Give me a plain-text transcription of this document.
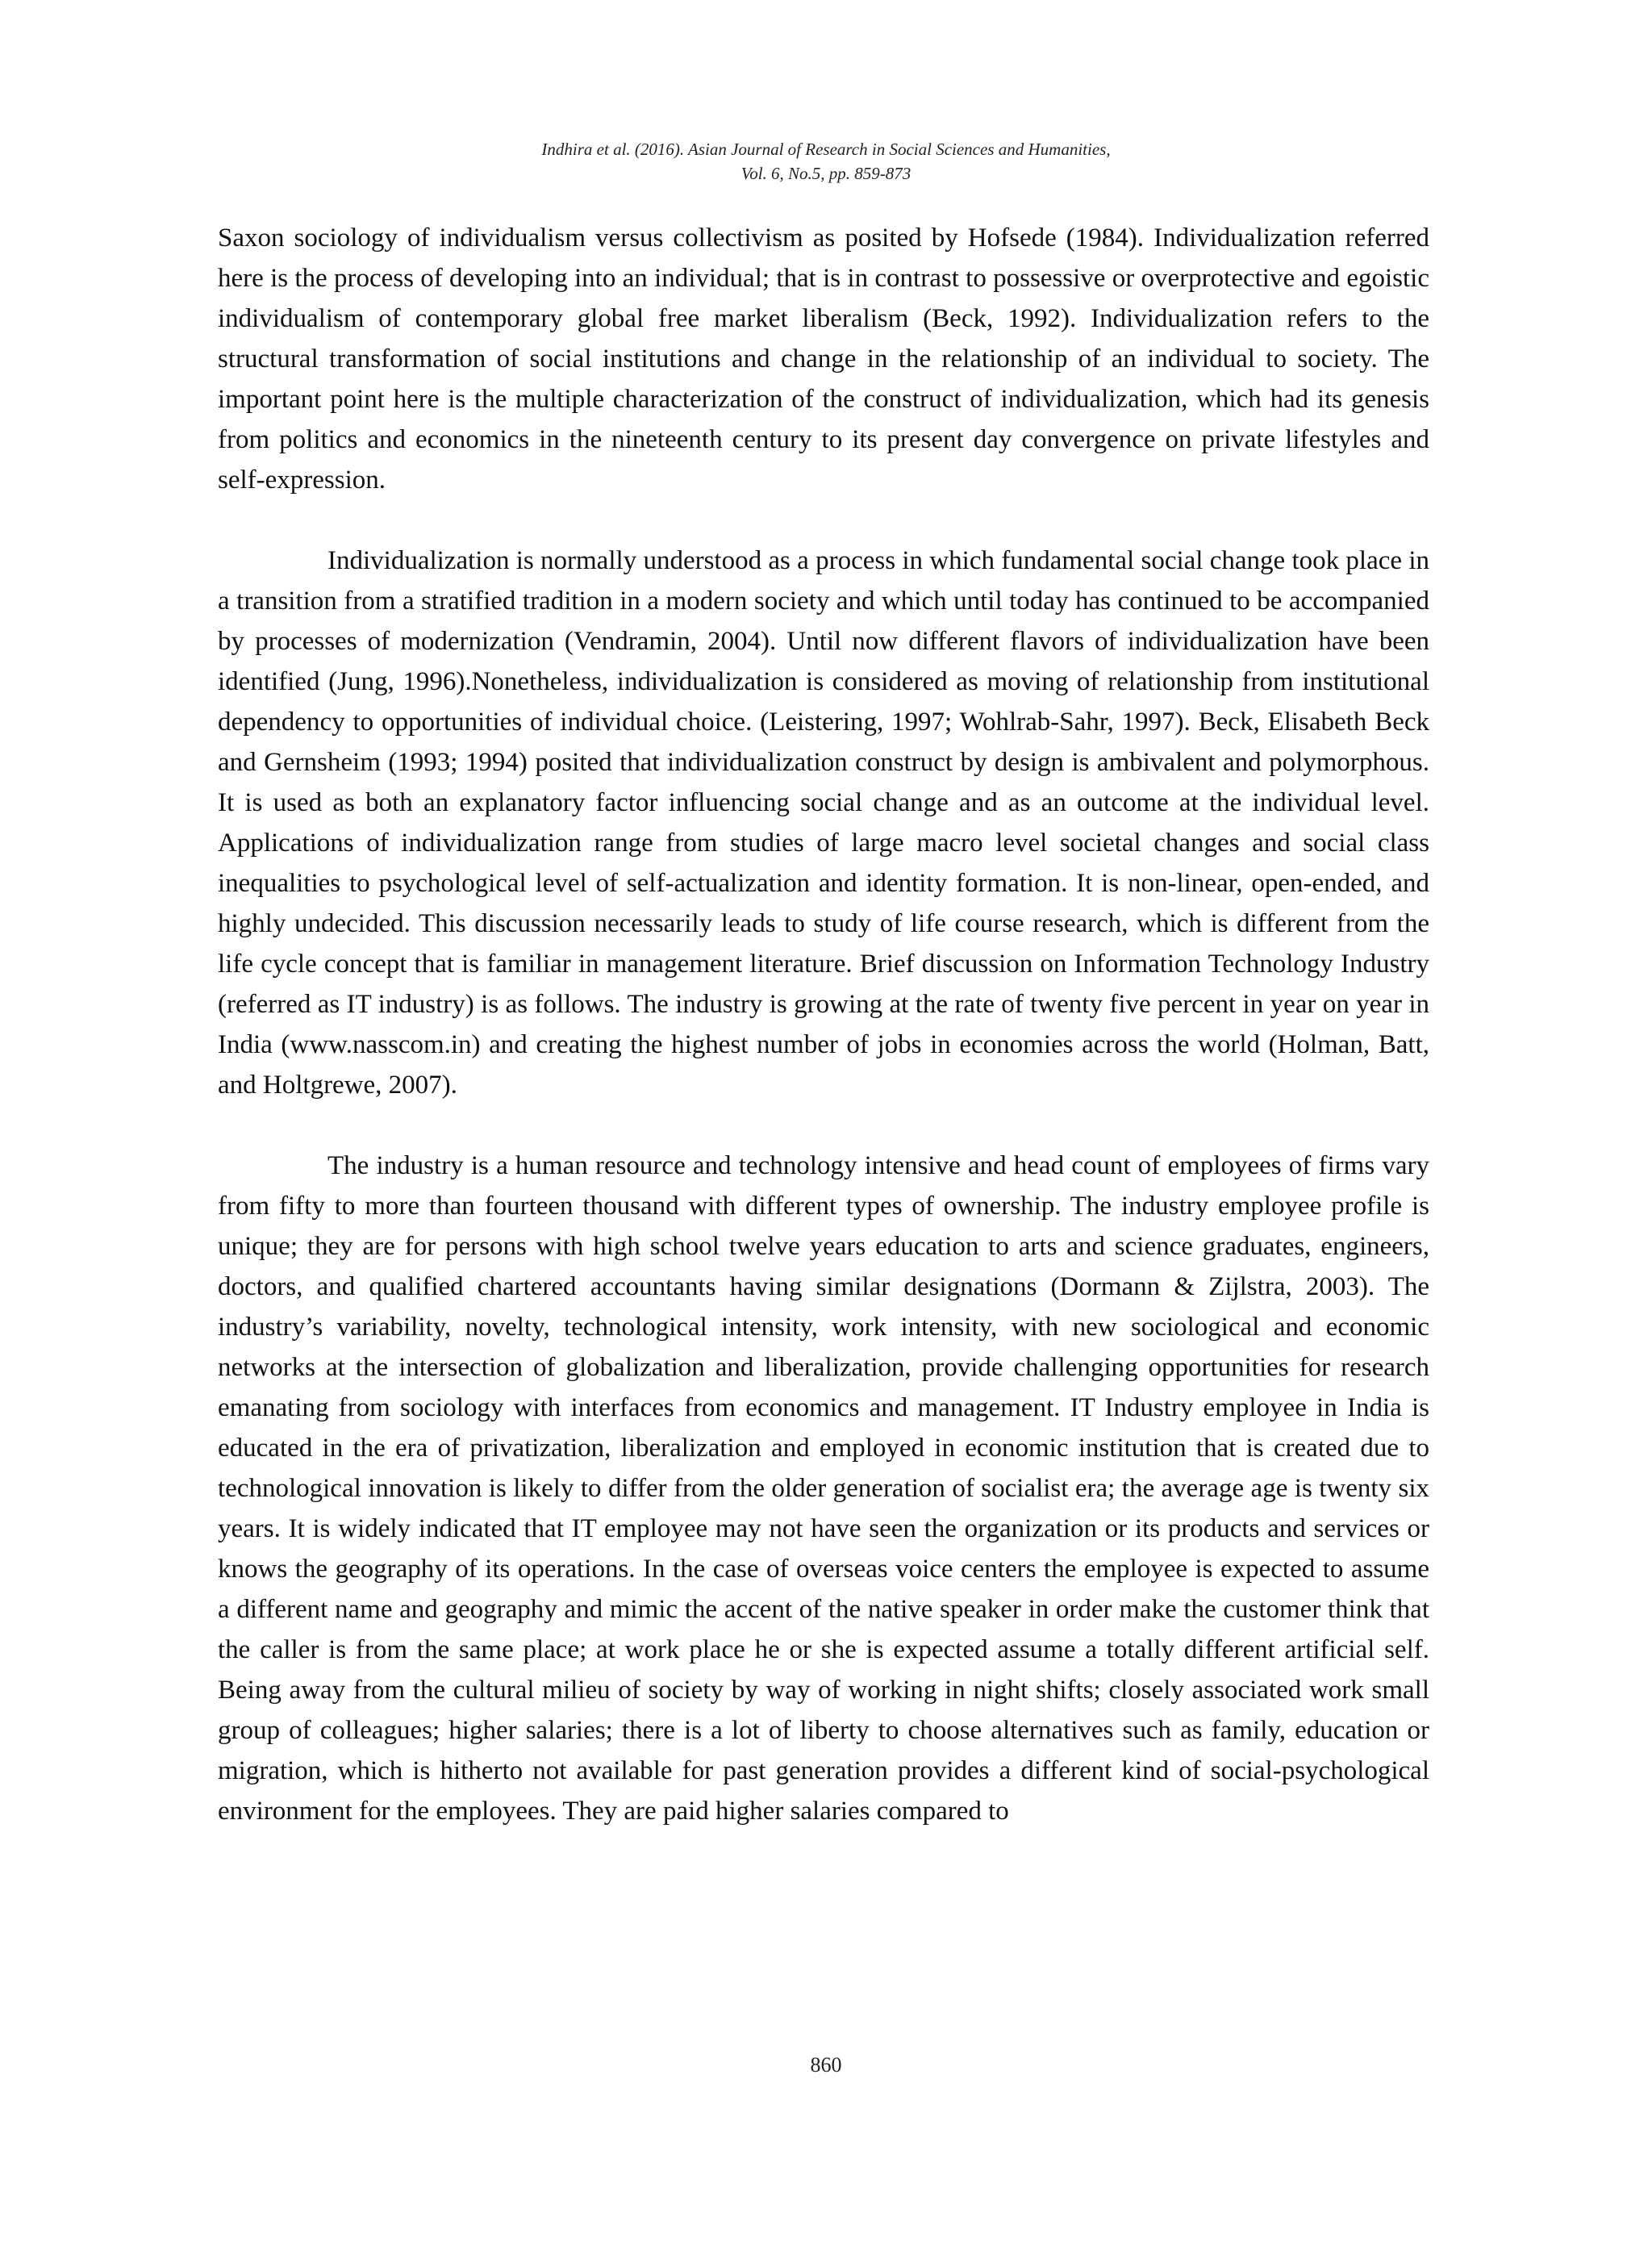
Indhira et al. (2016). Asian Journal of Research in Social Sciences and Humanities,
Vol. 6, No.5, pp. 859-873

Saxon sociology of individualism versus collectivism as posited by Hofsede (1984). Individualization referred here is the process of developing into an individual; that is in contrast to possessive or overprotective and egoistic individualism of contemporary global free market liberalism (Beck, 1992). Individualization refers to the structural transformation of social institutions and change in the relationship of an individual to society. The important point here is the multiple characterization of the construct of individualization, which had its genesis from politics and economics in the nineteenth century to its present day convergence on private lifestyles and self-expression.

Individualization is normally understood as a process in which fundamental social change took place in a transition from a stratified tradition in a modern society and which until today has continued to be accompanied by processes of modernization (Vendramin, 2004). Until now different flavors of individualization have been identified (Jung, 1996).Nonetheless, individualization is considered as moving of relationship from institutional dependency to opportunities of individual choice. (Leistering, 1997; Wohlrab-Sahr, 1997). Beck, Elisabeth Beck and Gernsheim (1993; 1994) posited that individualization construct by design is ambivalent and polymorphous. It is used as both an explanatory factor influencing social change and as an outcome at the individual level. Applications of individualization range from studies of large macro level societal changes and social class inequalities to psychological level of self-actualization and identity formation. It is non-linear, open-ended, and highly undecided. This discussion necessarily leads to study of life course research, which is different from the life cycle concept that is familiar in management literature. Brief discussion on Information Technology Industry (referred as IT industry) is as follows. The industry is growing at the rate of twenty five percent in year on year in India (www.nasscom.in) and creating the highest number of jobs in economies across the world (Holman, Batt, and Holtgrewe, 2007).

The industry is a human resource and technology intensive and head count of employees of firms vary from fifty to more than fourteen thousand with different types of ownership. The industry employee profile is unique; they are for persons with high school twelve years education to arts and science graduates, engineers, doctors, and qualified chartered accountants having similar designations (Dormann & Zijlstra, 2003). The industry’s variability, novelty, technological intensity, work intensity, with new sociological and economic networks at the intersection of globalization and liberalization, provide challenging opportunities for research emanating from sociology with interfaces from economics and management. IT Industry employee in India is educated in the era of privatization, liberalization and employed in economic institution that is created due to technological innovation is likely to differ from the older generation of socialist era; the average age is twenty six years. It is widely indicated that IT employee may not have seen the organization or its products and services or knows the geography of its operations. In the case of overseas voice centers the employee is expected to assume a different name and geography and mimic the accent of the native speaker in order make the customer think that the caller is from the same place; at work place he or she is expected assume a totally different artificial self. Being away from the cultural milieu of society by way of working in night shifts; closely associated work small group of colleagues; higher salaries; there is a lot of liberty to choose alternatives such as family, education or migration, which is hitherto not available for past generation provides a different kind of social-psychological environment for the employees. They are paid higher salaries compared to

860
